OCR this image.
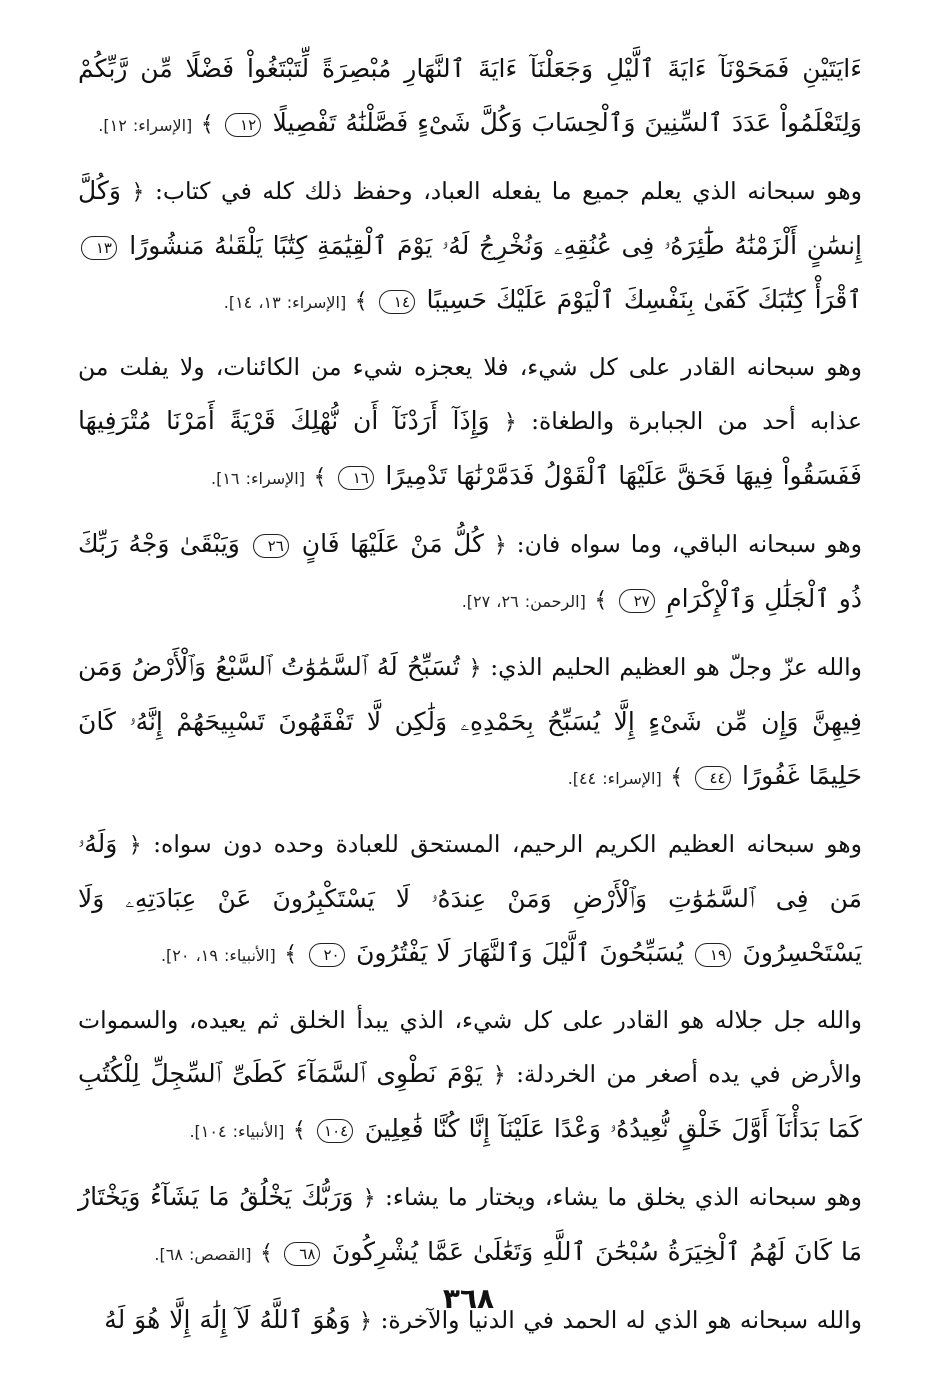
ءَايَتَيْنِ فَمَحَوْنَآ ءَايَةَ ٱلَّيْلِ وَجَعَلْنَآ ءَايَةَ ٱلنَّهَارِ مُبْصِرَةً لِّتَبْتَغُواْ فَضْلًا مِّن رَّبِّكُمْ وَلِتَعْلَمُواْ عَدَدَ ٱلسِّنِينَ وَٱلْحِسَابَ وَكُلَّ شَىْءٍ فَصَّلْنَٰهُ تَفْصِيلًا ١٢ ﴾ [الإسراء: ١٢].

وهو سبحانه الذي يعلم جميع ما يفعله العباد، وحفظ ذلك كله في كتاب: ﴿ وَكُلَّ إِنسَٰنٍ أَلْزَمْنَٰهُ طَٰٓئِرَهُۥ فِى عُنُقِهِۦ وَنُخْرِجُ لَهُۥ يَوْمَ ٱلْقِيَٰمَةِ كِتَٰبًا يَلْقَىٰهُ مَنشُورًا ١٣ ٱقْرَأْ كِتَٰبَكَ كَفَىٰ بِنَفْسِكَ ٱلْيَوْمَ عَلَيْكَ حَسِيبًا ١٤ ﴾ [الإسراء: ١٣، ١٤].

وهو سبحانه القادر على كل شيء، فلا يعجزه شيء من الكائنات، ولا يفلت من عذابه أحد من الجبابرة والطغاة: ﴿ وَإِذَآ أَرَدْنَآ أَن نُّهْلِكَ قَرْيَةً أَمَرْنَا مُتْرَفِيهَا فَفَسَقُواْ فِيهَا فَحَقَّ عَلَيْهَا ٱلْقَوْلُ فَدَمَّرْنَٰهَا تَدْمِيرًا ١٦ ﴾ [الإسراء: ١٦].

وهو سبحانه الباقي، وما سواه فان: ﴿ كُلُّ مَنْ عَلَيْهَا فَانٍ ٢٦ وَيَبْقَىٰ وَجْهُ رَبِّكَ ذُو ٱلْجَلَٰلِ وَٱلْإِكْرَامِ ٢٧ ﴾ [الرحمن: ٢٦، ٢٧].

والله عزّ وجلّ هو العظيم الحليم الذي: ﴿ تُسَبِّحُ لَهُ ٱلسَّمَٰوَٰتُ ٱلسَّبْعُ وَٱلْأَرْضُ وَمَن فِيهِنَّ وَإِن مِّن شَىْءٍ إِلَّا يُسَبِّحُ بِحَمْدِهِۦ وَلَٰكِن لَّا تَفْقَهُونَ تَسْبِيحَهُمْ إِنَّهُۥ كَانَ حَلِيمًا غَفُورًا ٤٤ ﴾ [الإسراء: ٤٤].

وهو سبحانه العظيم الكريم الرحيم، المستحق للعبادة وحده دون سواه: ﴿ وَلَهُۥ مَن فِى ٱلسَّمَٰوَٰتِ وَٱلْأَرْضِ وَمَنْ عِندَهُۥ لَا يَسْتَكْبِرُونَ عَنْ عِبَادَتِهِۦ وَلَا يَسْتَحْسِرُونَ ١٩ يُسَبِّحُونَ ٱلَّيْلَ وَٱلنَّهَارَ لَا يَفْتُرُونَ ٢٠ ﴾ [الأنبياء: ١٩، ٢٠].

والله جل جلاله هو القادر على كل شيء، الذي يبدأ الخلق ثم يعيده، والسموات والأرض في يده أصغر من الخردلة: ﴿ يَوْمَ نَطْوِى ٱلسَّمَآءَ كَطَىِّ ٱلسِّجِلِّ لِلْكُتُبِ كَمَا بَدَأْنَآ أَوَّلَ خَلْقٍ نُّعِيدُهُۥ وَعْدًا عَلَيْنَآ إِنَّا كُنَّا فَٰعِلِينَ ١٠٤ ﴾ [الأنبياء: ١٠٤].

وهو سبحانه الذي يخلق ما يشاء، ويختار ما يشاء: ﴿ وَرَبُّكَ يَخْلُقُ مَا يَشَآءُ وَيَخْتَارُ مَا كَانَ لَهُمُ ٱلْخِيَرَةُ سُبْحَٰنَ ٱللَّهِ وَتَعَٰلَىٰ عَمَّا يُشْرِكُونَ ٦٨ ﴾ [القصص: ٦٨].

والله سبحانه هو الذي له الحمد في الدنيا والآخرة: ﴿ وَهُوَ ٱللَّهُ لَآ إِلَٰهَ إِلَّا هُوَ لَهُ

٣٦٨
